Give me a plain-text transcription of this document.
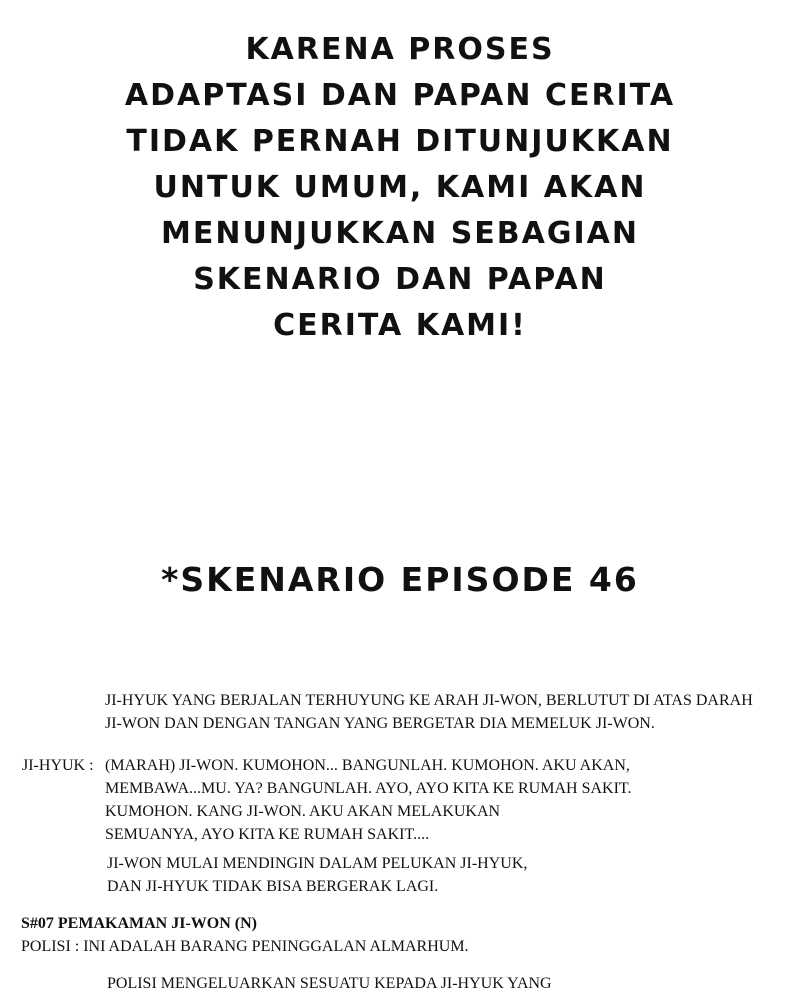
KARENA PROSES
ADAPTASI DAN PAPAN CERITA
TIDAK PERNAH DITUNJUKKAN
UNTUK UMUM, KAMI AKAN
MENUNJUKKAN SEBAGIAN
SKENARIO DAN PAPAN
CERITA KAMI!
*SKENARIO EPISODE 46
JI-HYUK YANG BERJALAN TERHUYUNG KE ARAH JI-WON, BERLUTUT DI ATAS DARAH
JI-WON DAN DENGAN TANGAN YANG BERGETAR DIA MEMELUK JI-WON.
JI-HYUK : (MARAH) JI-WON. KUMOHON... BANGUNLAH. KUMOHON. AKU AKAN,
MEMBAWA...MU. YA? BANGUNLAH. AYO, AYO KITA KE RUMAH SAKIT.
KUMOHON. KANG JI-WON. AKU AKAN MELAKUKAN
SEMUANYA, AYO KITA KE RUMAH SAKIT....
JI-WON MULAI MENDINGIN DALAM PELUKAN JI-HYUK,
DAN JI-HYUK TIDAK BISA BERGERAK LAGI.
S#07 PEMAKAMAN JI-WON (N)
POLISI : INI ADALAH BARANG PENINGGALAN ALMARHUM.
POLISI MENGELUARKAN SESUATU KEPADA JI-HYUK YANG
